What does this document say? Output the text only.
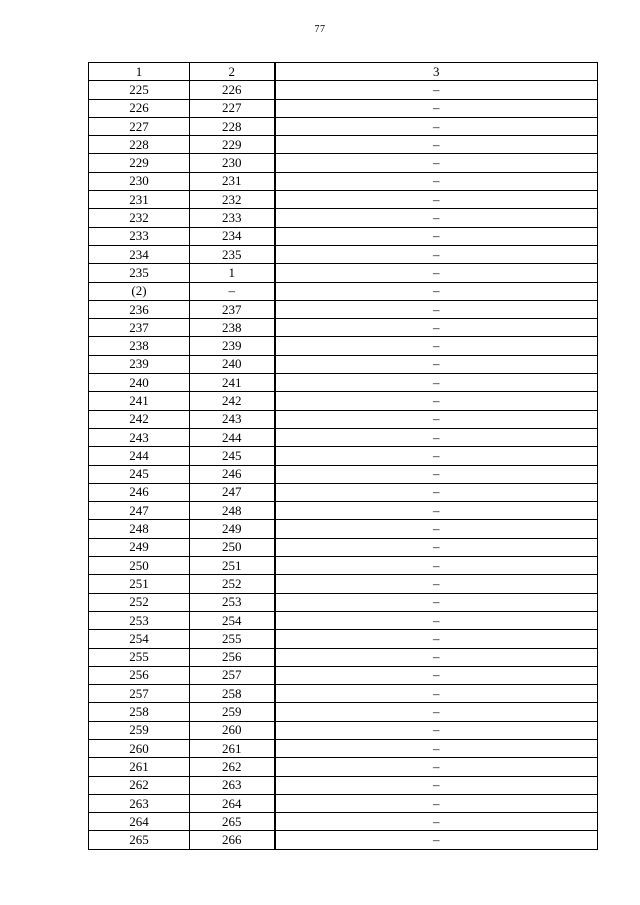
77
1	2	3
225	226	–
226	227	–
227	228	–
228	229	–
229	230	–
230	231	–
231	232	–
232	233	–
233	234	–
234	235	–
235	1	–
(2)	–	–
236	237	–
237	238	–
238	239	–
239	240	–
240	241	–
241	242	–
242	243	–
243	244	–
244	245	–
245	246	–
246	247	–
247	248	–
248	249	–
249	250	–
250	251	–
251	252	–
252	253	–
253	254	–
254	255	–
255	256	–
256	257	–
257	258	–
258	259	–
259	260	–
260	261	–
261	262	–
262	263	–
263	264	–
264	265	–
265	266	–
